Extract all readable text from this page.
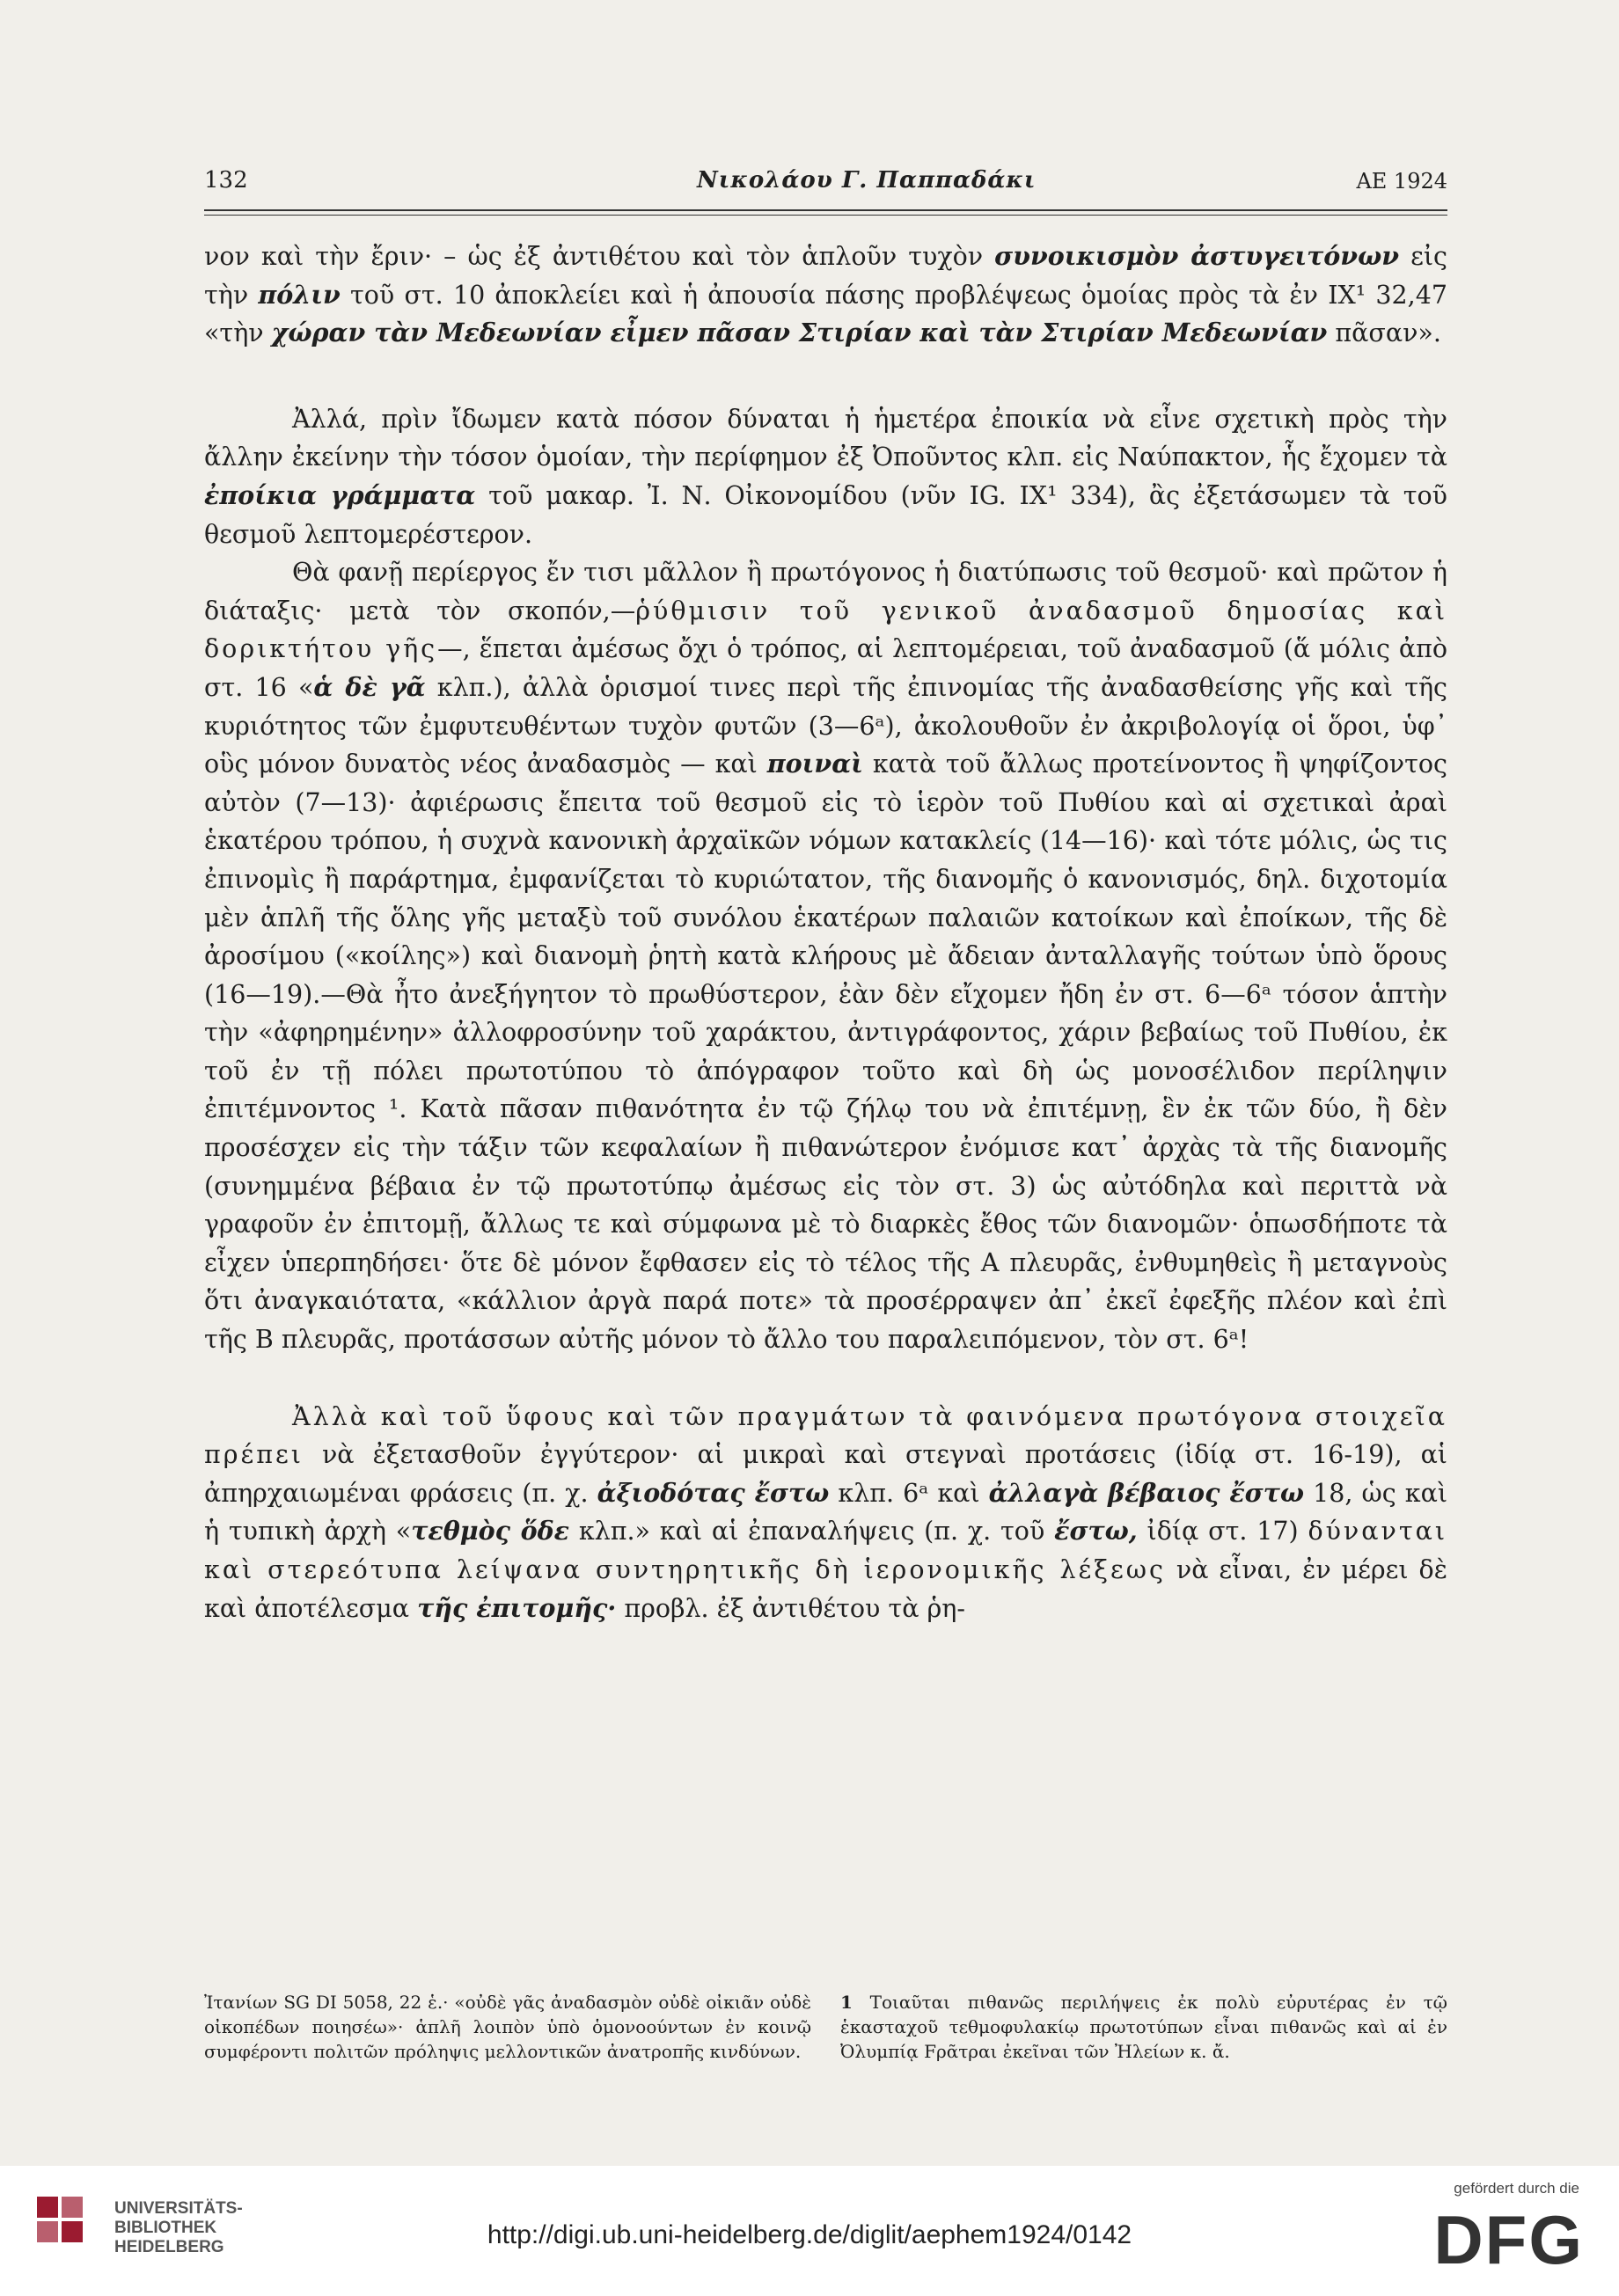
132	Νικολάου Γ. Παππαδάκι	ΑΕ 1924

νον καὶ τὴν ἔριν· – ὡς ἐξ ἀντιθέτου καὶ τὸν ἁπλοῦν τυχὸν συνοικισμὸν ἀστυγειτόνων εἰς τὴν πόλιν τοῦ στ. 10 ἀποκλείει καὶ ἡ ἀπουσία πάσης προβλέψεως ὁμοίας πρὸς τὰ ἐν IX¹ 32,47 «τὴν χώραν τὰν Μεδεωνίαν εἶμεν πᾶσαν Στιρίαν καὶ τὰν Στιρίαν Μεδεωνίαν πᾶσαν».

Ἀλλά, πρὶν ἴδωμεν κατὰ πόσον δύναται ἡ ἡμετέρα ἐποικία νὰ εἶνε σχετικὴ πρὸς τὴν ἄλλην ἐκείνην τὴν τόσον ὁμοίαν, τὴν περίφημον ἐξ Ὀποῦντος κλπ. εἰς Ναύπακτον, ἧς ἔχομεν τὰ ἐποίκια γράμματα τοῦ μακαρ. Ἰ. Ν. Οἰκονομίδου (νῦν IG. IX¹ 334), ἂς ἐξετάσωμεν τὰ τοῦ θεσμοῦ λεπτομερέστερον.

Θὰ φανῇ περίεργος ἔν τισι μᾶλλον ἢ πρωτόγονος ἡ διατύπωσις τοῦ θεσμοῦ· καὶ πρῶτον ἡ διάταξις· μετὰ τὸν σκοπόν,—ῥύθμισιν τοῦ γενικοῦ ἀναδασμοῦ δημοσίας καὶ δορικτήτου γῆς—, ἕπεται ἀμέσως ὄχι ὁ τρόπος, αἱ λεπτομέρειαι, τοῦ ἀναδασμοῦ (ἅ μόλις ἀπὸ στ. 16 «ἁ δὲ γᾶ κλπ.), ἀλλὰ ὁρισμοί τινες περὶ τῆς ἐπινομίας τῆς ἀναδασθείσης γῆς καὶ τῆς κυριότητος τῶν ἐμφυτευθέντων τυχὸν φυτῶν (3—6ᵃ), ἀκολουθοῦν ἐν ἀκριβολογίᾳ οἱ ὅροι, ὑφ᾽ οὓς μόνον δυνατὸς νέος ἀναδασμὸς — καὶ ποιναὶ κατὰ τοῦ ἄλλως προτείνοντος ἢ ψηφίζοντος αὐτὸν (7—13)· ἀφιέρωσις ἔπειτα τοῦ θεσμοῦ εἰς τὸ ἱερὸν τοῦ Πυθίου καὶ αἱ σχετικαὶ ἀραὶ ἑκατέρου τρόπου, ἡ συχνὰ κανονικὴ ἀρχαϊκῶν νόμων κατακλείς (14—16)· καὶ τότε μόλις, ὡς τις ἐπινομὶς ἢ παράρτημα, ἐμφανίζεται τὸ κυριώτατον, τῆς διανομῆς ὁ κανονισμός, δηλ. διχοτομία μὲν ἁπλῆ τῆς ὅλης γῆς μεταξὺ τοῦ συνόλου ἑκατέρων παλαιῶν κατοίκων καὶ ἐποίκων, τῆς δὲ ἀροσίμου («κοίλης») καὶ διανομὴ ῥητὴ κατὰ κλήρους μὲ ἄδειαν ἀνταλλαγῆς τούτων ὑπὸ ὅρους (16—19).—Θὰ ἦτο ἀνεξήγητον τὸ πρωθύστερον, ἐὰν δὲν εἴχομεν ἤδη ἐν στ. 6—6ᵃ τόσον ἁπτὴν τὴν «ἀφηρημένην» ἀλλοφροσύνην τοῦ χαράκτου, ἀντιγράφοντος, χάριν βεβαίως τοῦ Πυθίου, ἐκ τοῦ ἐν τῇ πόλει πρωτοτύπου τὸ ἀπόγραφον τοῦτο καὶ δὴ ὡς μονοσέλιδον περίληψιν ἐπιτέμνοντος ¹. Κατὰ πᾶσαν πιθανότητα ἐν τῷ ζήλῳ του νὰ ἐπιτέμνῃ, ἓν ἐκ τῶν δύο, ἢ δὲν προσέσχεν εἰς τὴν τάξιν τῶν κεφαλαίων ἢ πιθανώτερον ἐνόμισε κατ᾽ ἀρχὰς τὰ τῆς διανομῆς (συνημμένα βέβαια ἐν τῷ πρωτοτύπῳ ἀμέσως εἰς τὸν στ. 3) ὡς αὐτόδηλα καὶ περιττὰ νὰ γραφοῦν ἐν ἐπιτομῇ, ἄλλως τε καὶ σύμφωνα μὲ τὸ διαρκὲς ἔθος τῶν διανομῶν· ὁπωσδήποτε τὰ εἶχεν ὑπερπηδήσει· ὅτε δὲ μόνον ἔφθασεν εἰς τὸ τέλος τῆς Α πλευρᾶς, ἐνθυμηθεὶς ἢ μεταγνοὺς ὅτι ἀναγκαιότατα, «κάλλιον ἀργὰ παρά ποτε» τὰ προσέρραψεν ἀπ᾽ ἐκεῖ ἐφεξῆς πλέον καὶ ἐπὶ τῆς Β πλευρᾶς, προτάσσων αὐτῆς μόνον τὸ ἄλλο του παραλειπόμενον, τὸν στ. 6ᵃ!

Ἀλλὰ καὶ τοῦ ὕφους καὶ τῶν πραγμάτων τὰ φαινόμενα πρωτόγονα στοιχεῖα πρέπει νὰ ἐξετασθοῦν ἐγγύτερον· αἱ μικραὶ καὶ στεγναὶ προτάσεις (ἰδίᾳ στ. 16-19), αἱ ἀπηρχαιωμέναι φράσεις (π. χ. ἀξιοδότας ἔστω κλπ. 6ᵃ καὶ ἀλλαγὰ βέβαιος ἔστω 18, ὡς καὶ ἡ τυπικὴ ἀρχὴ «τεθμὸς ὅδε κλπ.» καὶ αἱ ἐπαναλήψεις (π. χ. τοῦ ἔστω, ἰδίᾳ στ. 17) δύνανται καὶ στερεότυπα λείψανα συντηρητικῆς δὴ ἱερονομικῆς λέξεως νὰ εἶναι, ἐν μέρει δὲ καὶ ἀποτέλεσμα τῆς ἐπιτομῆς· προβλ. ἐξ ἀντιθέτου τὰ ῥη-

Ἰτανίων SG DI 5058, 22 ἑ.· «οὐδὲ γᾶς ἀναδασμὸν οὐδὲ οἰκιᾶν οὐδὲ οἰκοπέδων ποιησέω»· ἁπλῆ λοιπὸν ὑπὸ ὁμονοούντων ἐν κοινῷ συμφέροντι πολιτῶν πρόληψις μελλοντικῶν ἀνατροπῆς κινδύνων.
1 Τοιαῦται πιθανῶς περιλήψεις ἐκ πολὺ εὐρυτέρας ἐν τῷ ἑκασταχοῦ τεθμοφυλακίῳ πρωτοτύπων εἶναι πιθανῶς καὶ αἱ ἐν Ὀλυμπίᾳ Fρᾶτραι ἐκεῖναι τῶν Ἠλείων κ. ἄ.
UNIVERSITÄTS-
BIBLIOTHEK
HEIDELBERG	http://digi.ub.uni-heidelberg.de/diglit/aephem1924/0142
gefördert durch die
DFG
